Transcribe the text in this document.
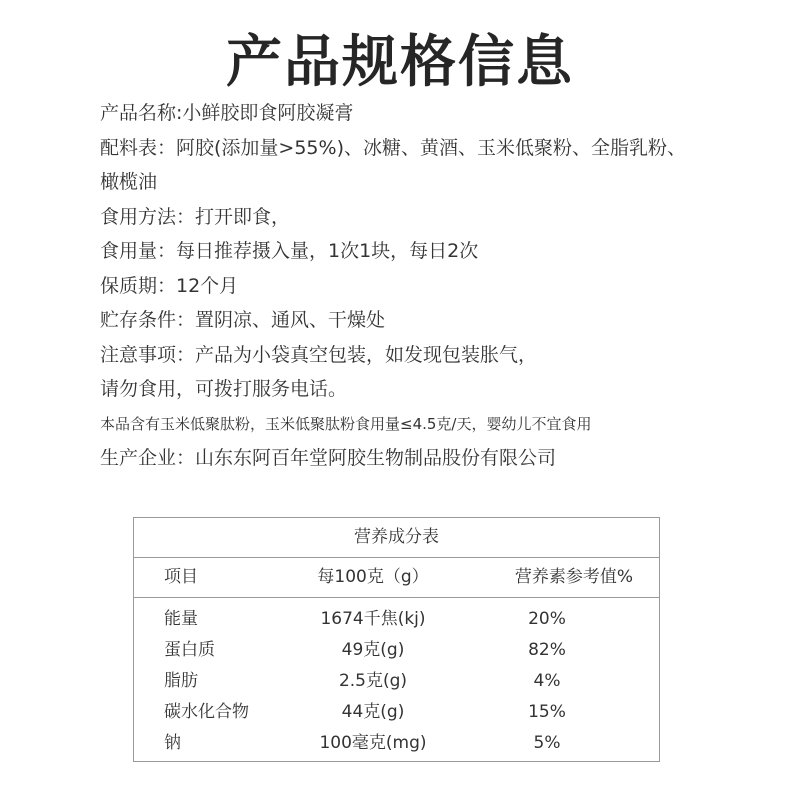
产品规格信息
产品名称:小鲜胶即食阿胶凝膏
配料表：阿胶(添加量>55%)、冰糖、黄酒、玉米低聚粉、全脂乳粉、
橄榄油
食用方法：打开即食，
食用量：每日推荐摄入量，1次1块，每日2次
保质期：12个月
贮存条件：置阴凉、通风、干燥处
注意事项：产品为小袋真空包装，如发现包装胀气，
请勿食用，可拨打服务电话。
本品含有玉米低聚肽粉，玉米低聚肽粉食用量≤4.5克/天，婴幼儿不宜食用
生产企业：山东东阿百年堂阿胶生物制品股份有限公司
营养成分表
项目	每100克（g）	营养素参考值%
能量	1674千焦(kj)	20%
蛋白质	49克(g)	82%
脂肪	2.5克(g)	4%
碳水化合物	44克(g)	15%
钠	100毫克(mg)	5%
